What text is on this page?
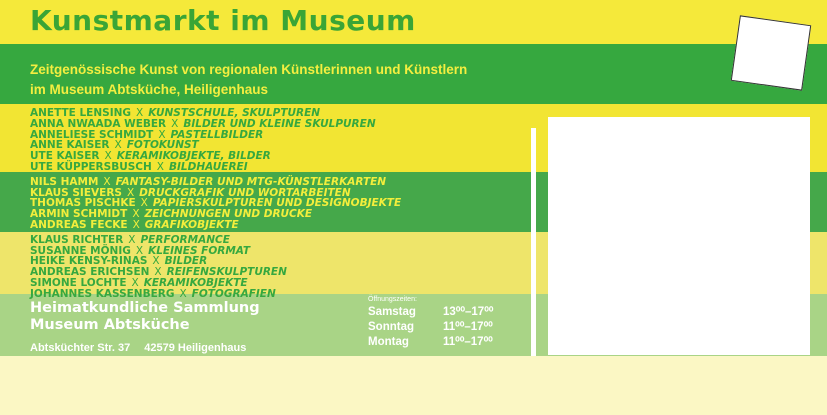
Kunstmarkt im Museum
Zeitgenössische Kunst von regionalen Künstlerinnen und Künstlern
im Museum Abtsküche, Heiligenhaus
ANETTE LENSING X KUNSTSCHULE, SKULPTUREN
ANNA NWAADA WEBER X BILDER UND KLEINE SKULPUREN
ANNELIESE SCHMIDT X PASTELLBILDER
ANNE KAISER X FOTOKUNST
UTE KAISER X KERAMIKOBJEKTE, BILDER
UTE KÜPPERSBUSCH X BILDHAUEREI
NILS HAMM X FANTASY-BILDER UND MTG-KÜNSTLERKARTEN
KLAUS SIEVERS X DRUCKGRAFIK UND WORTARBEITEN
THOMAS PISCHKE X PAPIERSKULPTUREN UND DESIGNOBJEKTE
ARMIN SCHMIDT X ZEICHNUNGEN UND DRUCKE
ANDREAS FECKE X GRAFIKOBJEKTE
KLAUS RICHTER X PERFORMANCE
SUSANNE MÖNIG X KLEINES FORMAT
HEIKE KENSY-RINAS X BILDER
ANDREAS ERICHSEN X REIFENSKULPTUREN
SIMONE LOCHTE X KERAMIKOBJEKTE
JOHANNES KASSENBERG X FOTOGRAFIEN
Heimatkundliche Sammlung
Museum Abtsküche
Abtsküchter Str. 37 42579 Heiligenhaus
Öffnungszeiten:
Samstag	13⁰⁰–17⁰⁰
Sonntag	11⁰⁰–17⁰⁰
Montag	11⁰⁰–17⁰⁰
